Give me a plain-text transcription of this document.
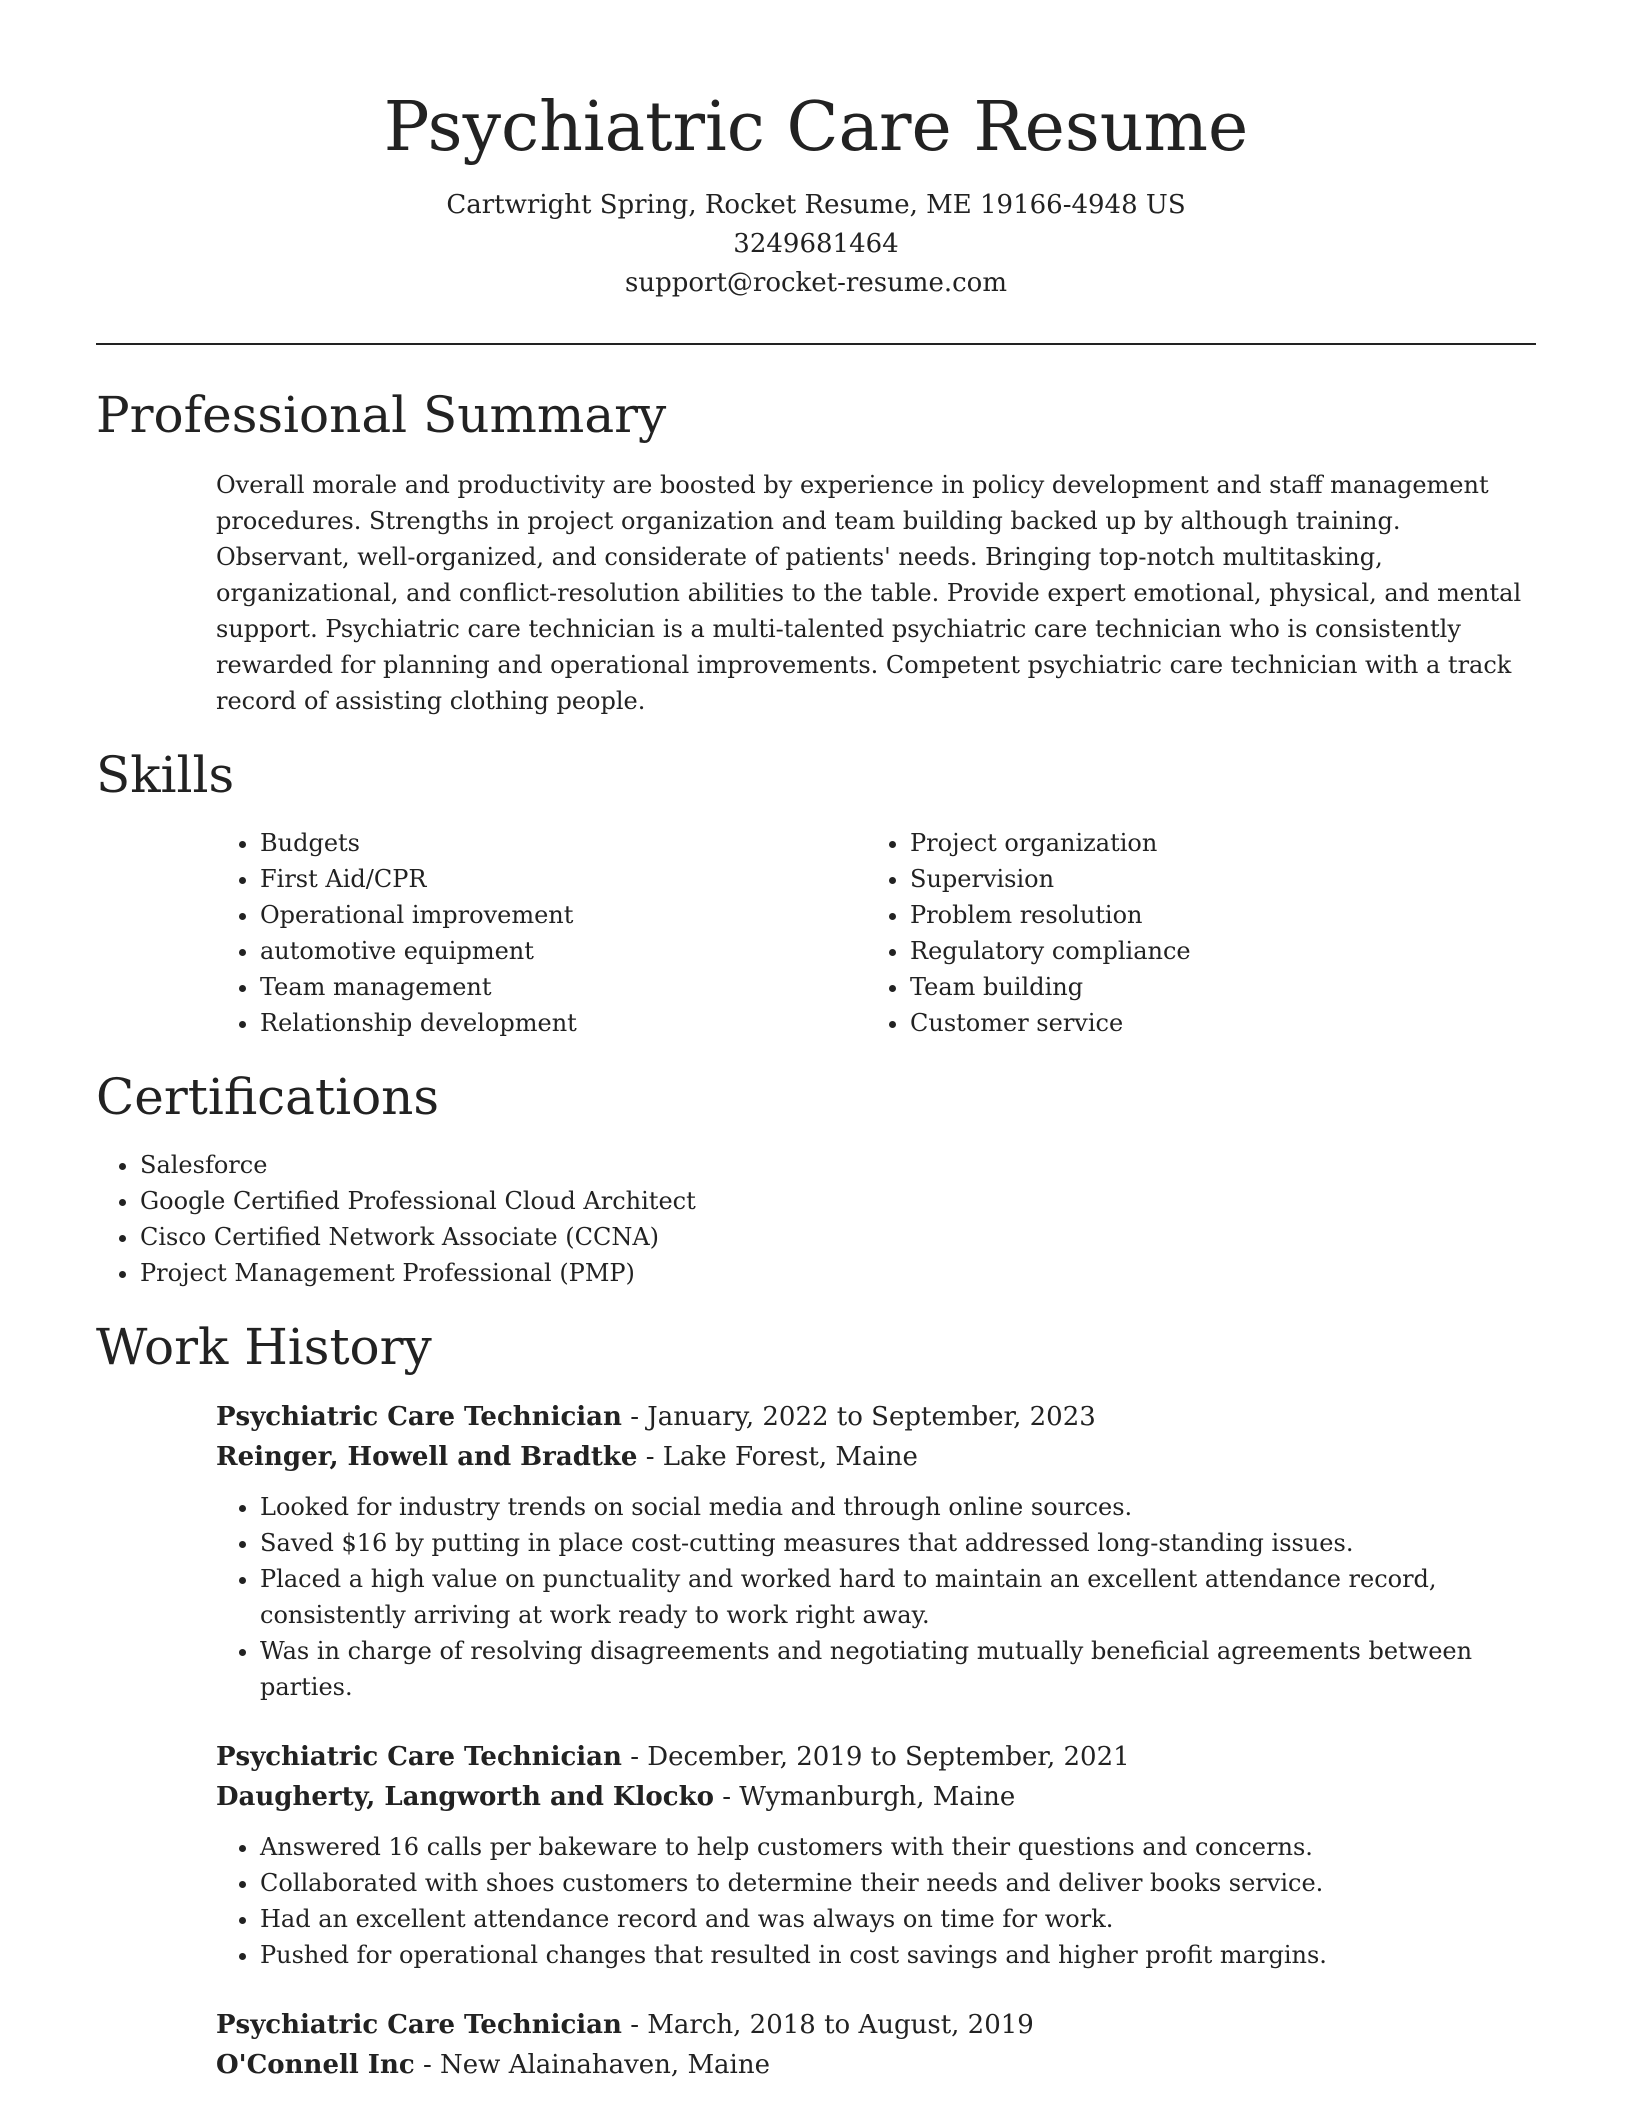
Psychiatric Care Resume
Cartwright Spring, Rocket Resume, ME 19166-4948 US
3249681464
support@rocket-resume.com
Professional Summary

Overall morale and productivity are boosted by experience in policy development and staff management procedures. Strengths in project organization and team building backed up by although training. Observant, well-organized, and considerate of patients' needs. Bringing top-notch multitasking, organizational, and conflict-resolution abilities to the table. Provide expert emotional, physical, and mental support. Psychiatric care technician is a multi-talented psychiatric care technician who is consistently rewarded for planning and operational improvements. Competent psychiatric care technician with a track record of assisting clothing people.

Skills
• Budgets
• First Aid/CPR
• Operational improvement
• automotive equipment
• Team management
• Relationship development
• Project organization
• Supervision
• Problem resolution
• Regulatory compliance
• Team building
• Customer service
Certifications
• Salesforce
• Google Certified Professional Cloud Architect
• Cisco Certified Network Associate (CCNA)
• Project Management Professional (PMP)
Work History
Psychiatric Care Technician - January, 2022 to September, 2023
Reinger, Howell and Bradtke - Lake Forest, Maine
• Looked for industry trends on social media and through online sources.
• Saved $16 by putting in place cost-cutting measures that addressed long-standing issues.
• Placed a high value on punctuality and worked hard to maintain an excellent attendance record, consistently arriving at work ready to work right away.
• Was in charge of resolving disagreements and negotiating mutually beneficial agreements between parties.
Psychiatric Care Technician - December, 2019 to September, 2021
Daugherty, Langworth and Klocko - Wymanburgh, Maine
• Answered 16 calls per bakeware to help customers with their questions and concerns.
• Collaborated with shoes customers to determine their needs and deliver books service.
• Had an excellent attendance record and was always on time for work.
• Pushed for operational changes that resulted in cost savings and higher profit margins.
Psychiatric Care Technician - March, 2018 to August, 2019
O'Connell Inc - New Alainahaven, Maine
